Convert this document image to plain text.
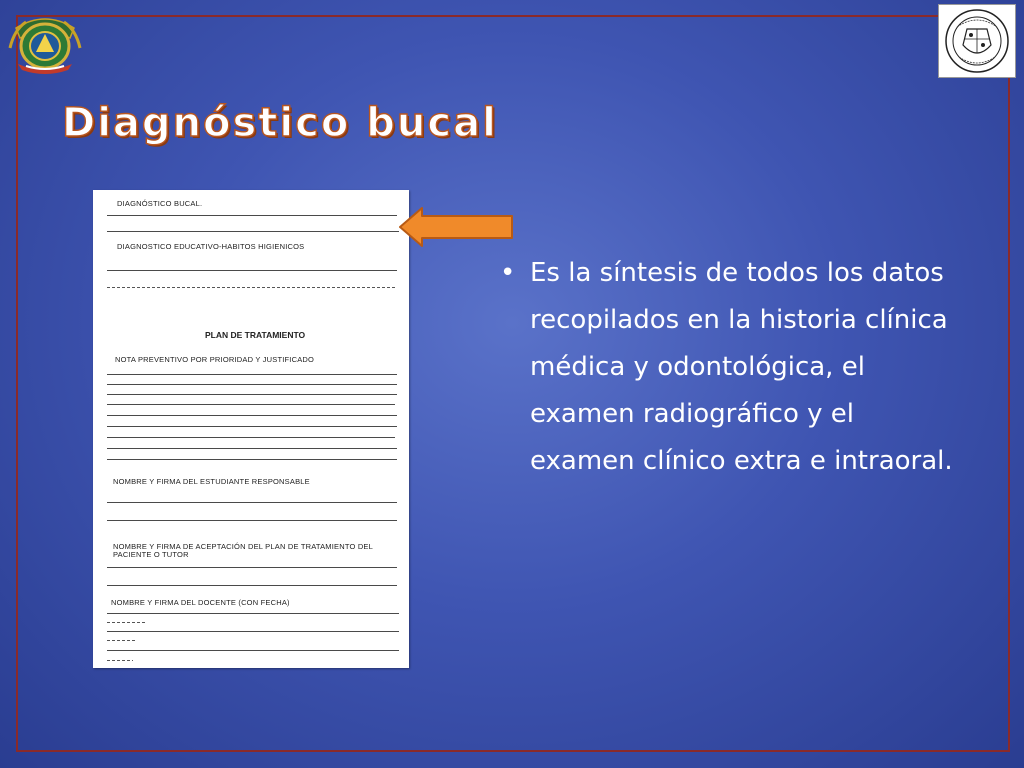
Diagnóstico bucal
DIAGNÓSTICO BUCAL.
DIAGNOSTICO EDUCATIVO-HABITOS HIGIENICOS
PLAN DE TRATAMIENTO
NOTA PREVENTIVO POR PRIORIDAD Y JUSTIFICADO
NOMBRE Y FIRMA DEL ESTUDIANTE RESPONSABLE
NOMBRE Y FIRMA DE ACEPTACIÓN DEL PLAN DE TRATAMIENTO DEL
PACIENTE O TUTOR
NOMBRE Y FIRMA DEL DOCENTE (CON FECHA)
• Es la síntesis de todos los datos recopilados en la historia clínica médica y odontológica, el examen radiográfico y el examen clínico extra e intraoral.
